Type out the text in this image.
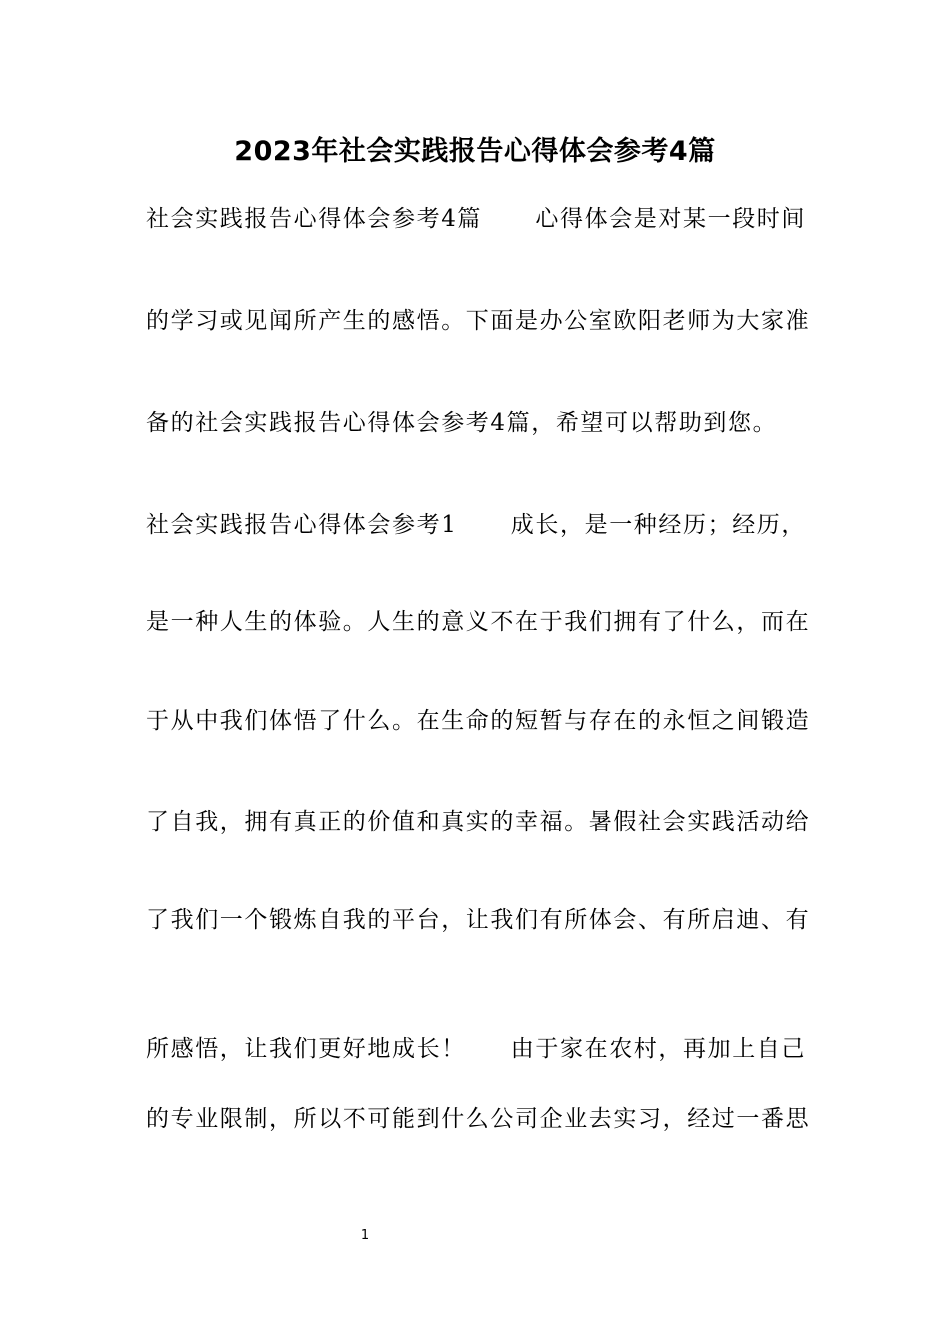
2023年社会实践报告心得体会参考4篇
社会实践报告心得体会参考4篇 心得体会是对某一段时间
的学习或见闻所产生的感悟。下面是办公室欧阳老师为大家准
备的社会实践报告心得体会参考4篇，希望可以帮助到您。
社会实践报告心得体会参考1 成长，是一种经历；经历，
是一种人生的体验。人生的意义不在于我们拥有了什么，而在
于从中我们体悟了什么。在生命的短暂与存在的永恒之间锻造
了自我，拥有真正的价值和真实的幸福。暑假社会实践活动给
了我们一个锻炼自我的平台，让我们有所体会、有所启迪、有
所感悟，让我们更好地成长！ 由于家在农村，再加上自己
的专业限制，所以不可能到什么公司企业去实习，经过一番思
1
